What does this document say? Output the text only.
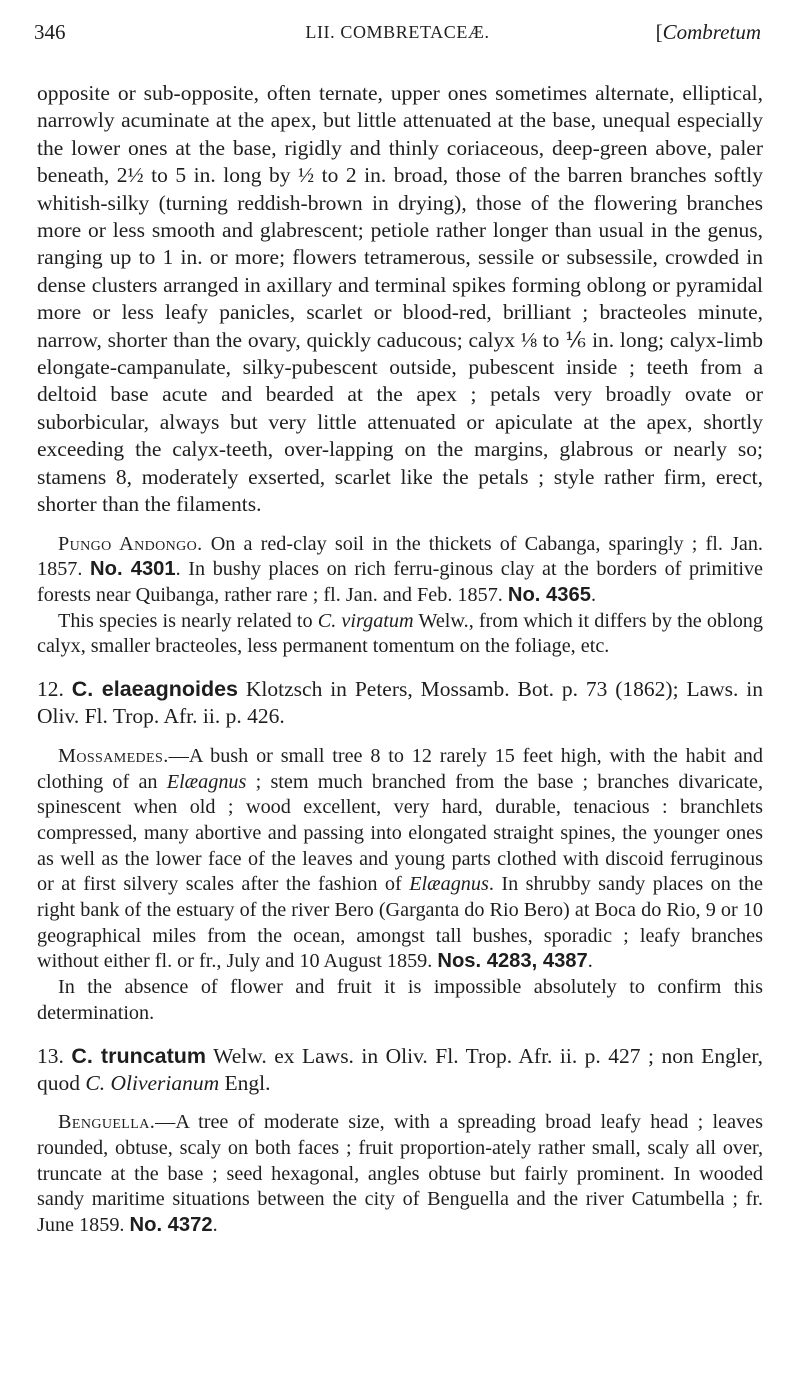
346	LII. COMBRETACEÆ.	[Combretum

opposite or sub-opposite, often ternate, upper ones sometimes alternate, elliptical, narrowly acuminate at the apex, but little attenuated at the base, unequal especially the lower ones at the base, rigidly and thinly coriaceous, deep-green above, paler beneath, 2½ to 5 in. long by ½ to 2 in. broad, those of the barren branches softly whitish-silky (turning reddish-brown in drying), those of the flowering branches more or less smooth and glabrescent; petiole rather longer than usual in the genus, ranging up to 1 in. or more; flowers tetramerous, sessile or subsessile, crowded in dense clusters arranged in axillary and terminal spikes forming oblong or pyramidal more or less leafy panicles, scarlet or blood-red, brilliant ; bracteoles minute, narrow, shorter than the ovary, quickly caducous; calyx ⅛ to ⅙ in. long; calyx-limb elongate-campanulate, silky-pubescent outside, pubescent inside ; teeth from a deltoid base acute and bearded at the apex ; petals very broadly ovate or suborbicular, always but very little attenuated or apiculate at the apex, shortly exceeding the calyx-teeth, over-lapping on the margins, glabrous or nearly so; stamens 8, moderately exserted, scarlet like the petals ; style rather firm, erect, shorter than the filaments.

Pungo Andongo. On a red-clay soil in the thickets of Cabanga, sparingly ; fl. Jan. 1857. No. 4301. In bushy places on rich ferru-ginous clay at the borders of primitive forests near Quibanga, rather rare ; fl. Jan. and Feb. 1857. No. 4365.

This species is nearly related to C. virgatum Welw., from which it differs by the oblong calyx, smaller bracteoles, less permanent tomentum on the foliage, etc.

12. C. elaeagnoides Klotzsch in Peters, Mossamb. Bot. p. 73 (1862); Laws. in Oliv. Fl. Trop. Afr. ii. p. 426.

Mossamedes.—A bush or small tree 8 to 12 rarely 15 feet high, with the habit and clothing of an Elæagnus ; stem much branched from the base ; branches divaricate, spinescent when old ; wood excellent, very hard, durable, tenacious : branchlets compressed, many abortive and passing into elongated straight spines, the younger ones as well as the lower face of the leaves and young parts clothed with discoid ferruginous or at first silvery scales after the fashion of Elæagnus. In shrubby sandy places on the right bank of the estuary of the river Bero (Garganta do Rio Bero) at Boca do Rio, 9 or 10 geographical miles from the ocean, amongst tall bushes, sporadic ; leafy branches without either fl. or fr., July and 10 August 1859. Nos. 4283, 4387.

In the absence of flower and fruit it is impossible absolutely to confirm this determination.

13. C. truncatum Welw. ex Laws. in Oliv. Fl. Trop. Afr. ii. p. 427 ; non Engler, quod C. Oliverianum Engl.

Benguella.—A tree of moderate size, with a spreading broad leafy head ; leaves rounded, obtuse, scaly on both faces ; fruit proportion-ately rather small, scaly all over, truncate at the base ; seed hexagonal, angles obtuse but fairly prominent. In wooded sandy maritime situations between the city of Benguella and the river Catumbella ; fr. June 1859. No. 4372.
